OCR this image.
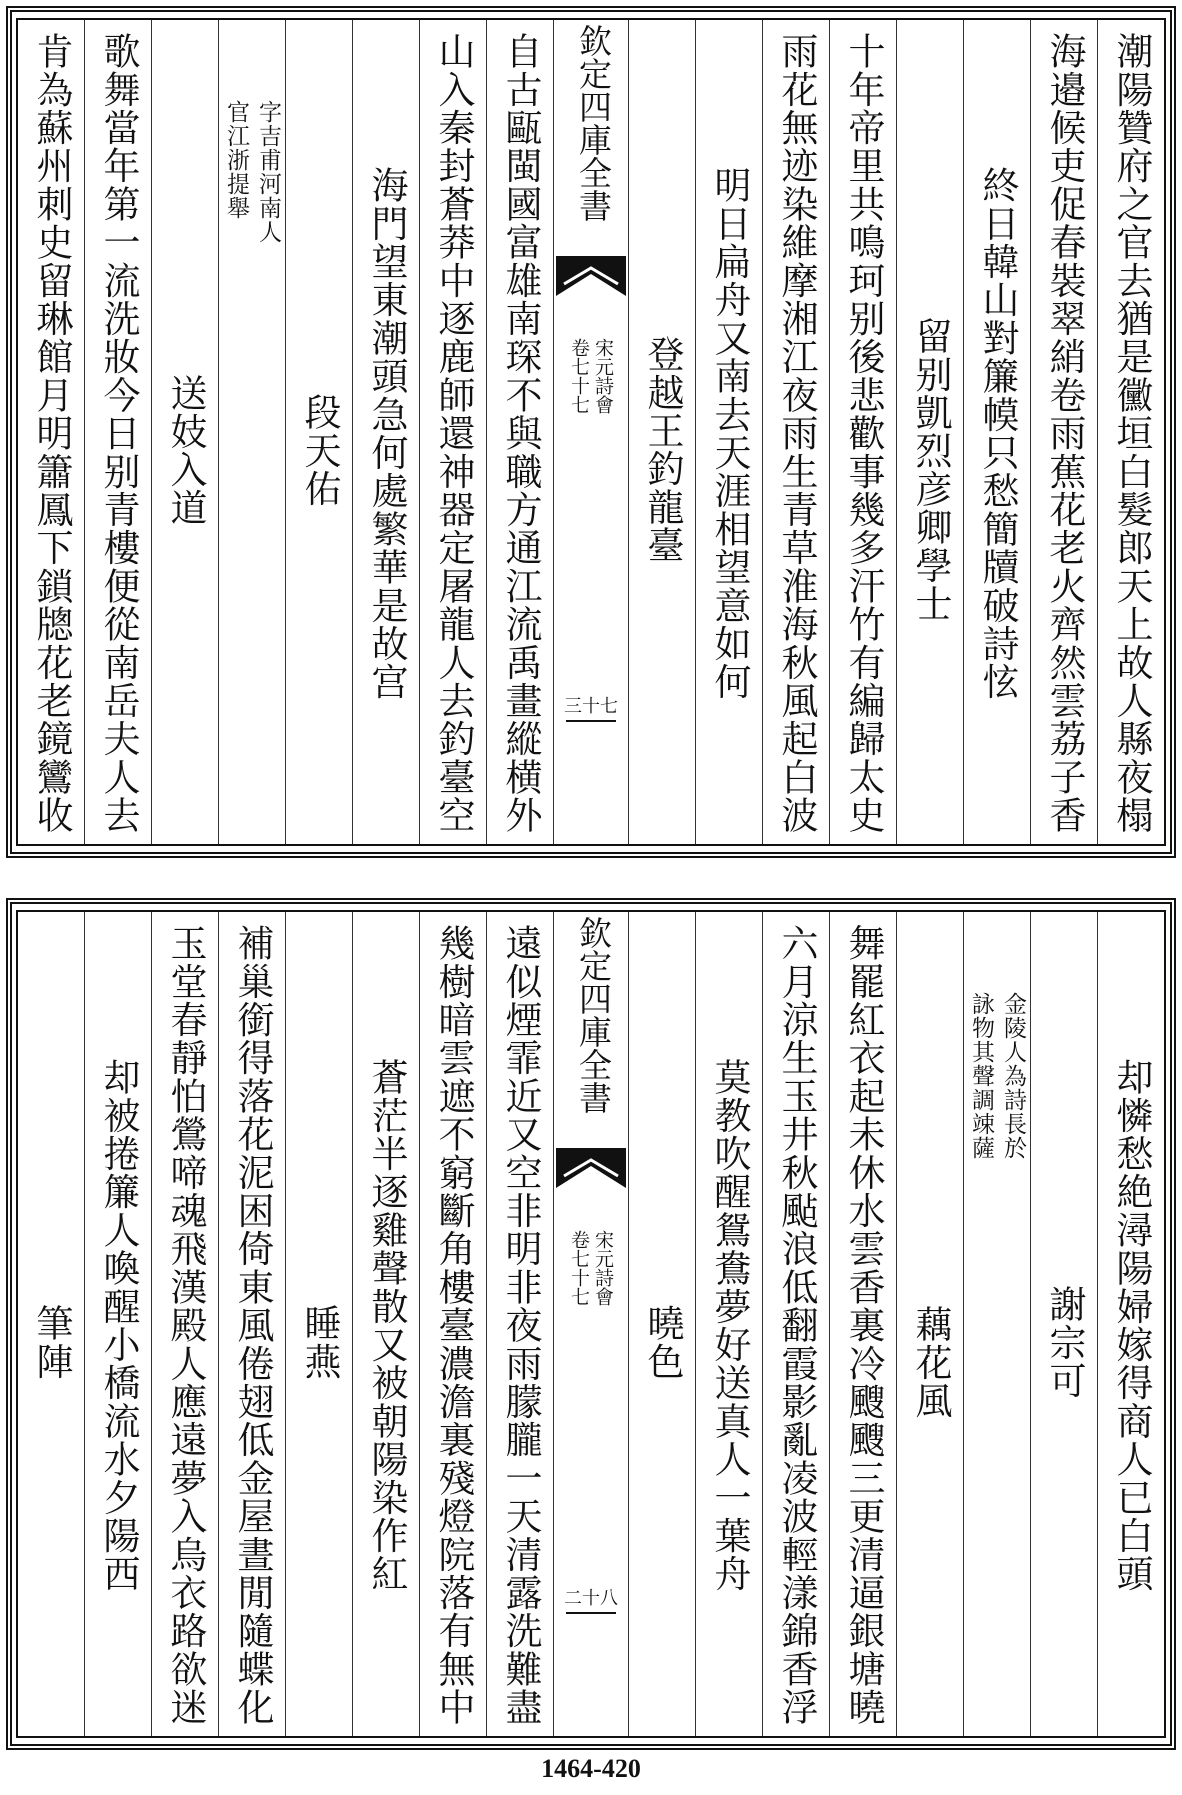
潮陽贊府之官去猶是黴垣白髮郎天上故人縣夜榻
海邉候吏促春裝翠綃卷雨蕉花老火齊然雲荔子香
終日韓山對簾幙只愁簡牘破詩怰
留别凱烈彦卿學士
十年帝里共鳴珂别後悲歡事幾多汗竹有編歸太史
雨花無迹染維摩湘江夜雨生青草淮海秋風起白波
明日扁舟又南去天涯相望意如何
登越王釣龍臺
欽定四庫全書
宋元詩會
卷七十七
三十七
自古甌閩國富雄南琛不與職方通江流禹畫縱横外
山入秦封蒼莽中逐鹿師還神器定屠龍人去釣臺空
海門望東潮頭急何處繁華是故宫
段天佑
字吉甫河南人
官江浙提舉
送妓入道
歌舞當年第一流洗妝今日别青樓便從南岳夫人去
肯為蘇州刺史留琳館月明簫鳳下鎖牕花老鏡鸞收
却憐愁絶潯陽婦嫁得商人已白頭
謝宗可
金陵人為詩長於
詠物其聲調竦薩
藕花風
舞罷紅衣起未休水雲香裏冷颼颼三更清逼銀塘曉
六月涼生玉井秋颭浪低翻霞影亂凌波輕漾錦香浮
莫教吹醒鴛鴦夢好送真人一葉舟
曉色
欽定四庫全書
宋元詩會
卷七十七
二十八
遠似煙霏近又空非明非夜雨朦朧一天清露洗難盡
幾樹暗雲遮不窮斷角樓臺濃澹裏殘燈院落有無中
蒼茫半逐雞聲散又被朝陽染作紅
睡燕
補巢銜得落花泥困倚東風倦翅低金屋晝閒隨蝶化
玉堂春靜怕鶯啼魂飛漢殿人應遠夢入烏衣路欲迷
却被捲簾人喚醒小橋流水夕陽西
筆陣
1464-420
